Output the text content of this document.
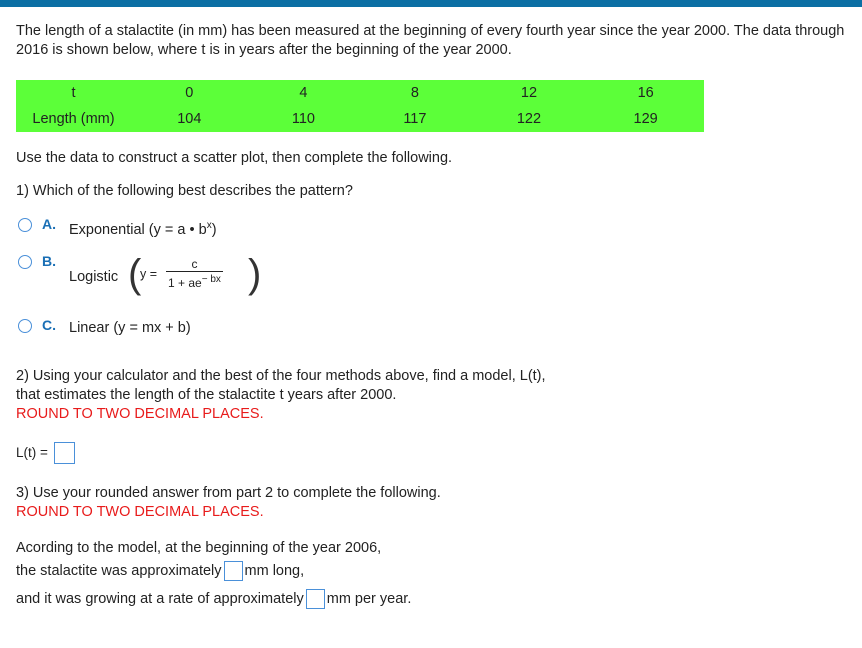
The length of a stalactite (in mm) has been measured at the beginning of every fourth year since the year 2000. The data through 2016 is shown below, where t is in years after the beginning of the year 2000.
t	0	4	8	12	16
Length (mm)	104	110	117	122	129
Use the data to construct a scatter plot, then complete the following.
1) Which of the following best describes the pattern?
A. Exponential (y = a • $b^x$)
B.
Logistic (
$y = \frac{c}{1 + ae^{- bx}}$ )
C. Linear (y = mx + b)
2) Using your calculator and the best of the four methods above, find a model, L(t),
that estimates the length of the stalactite t years after 2000.
ROUND TO TWO DECIMAL PLACES.
L(t) =
3) Use your rounded answer from part 2 to complete the following.
ROUND TO TWO DECIMAL PLACES.
Acording to the model, at the beginning of the year 2006,
the stalactite was approximately mm long,
and it was growing at a rate of approximately mm per year.
